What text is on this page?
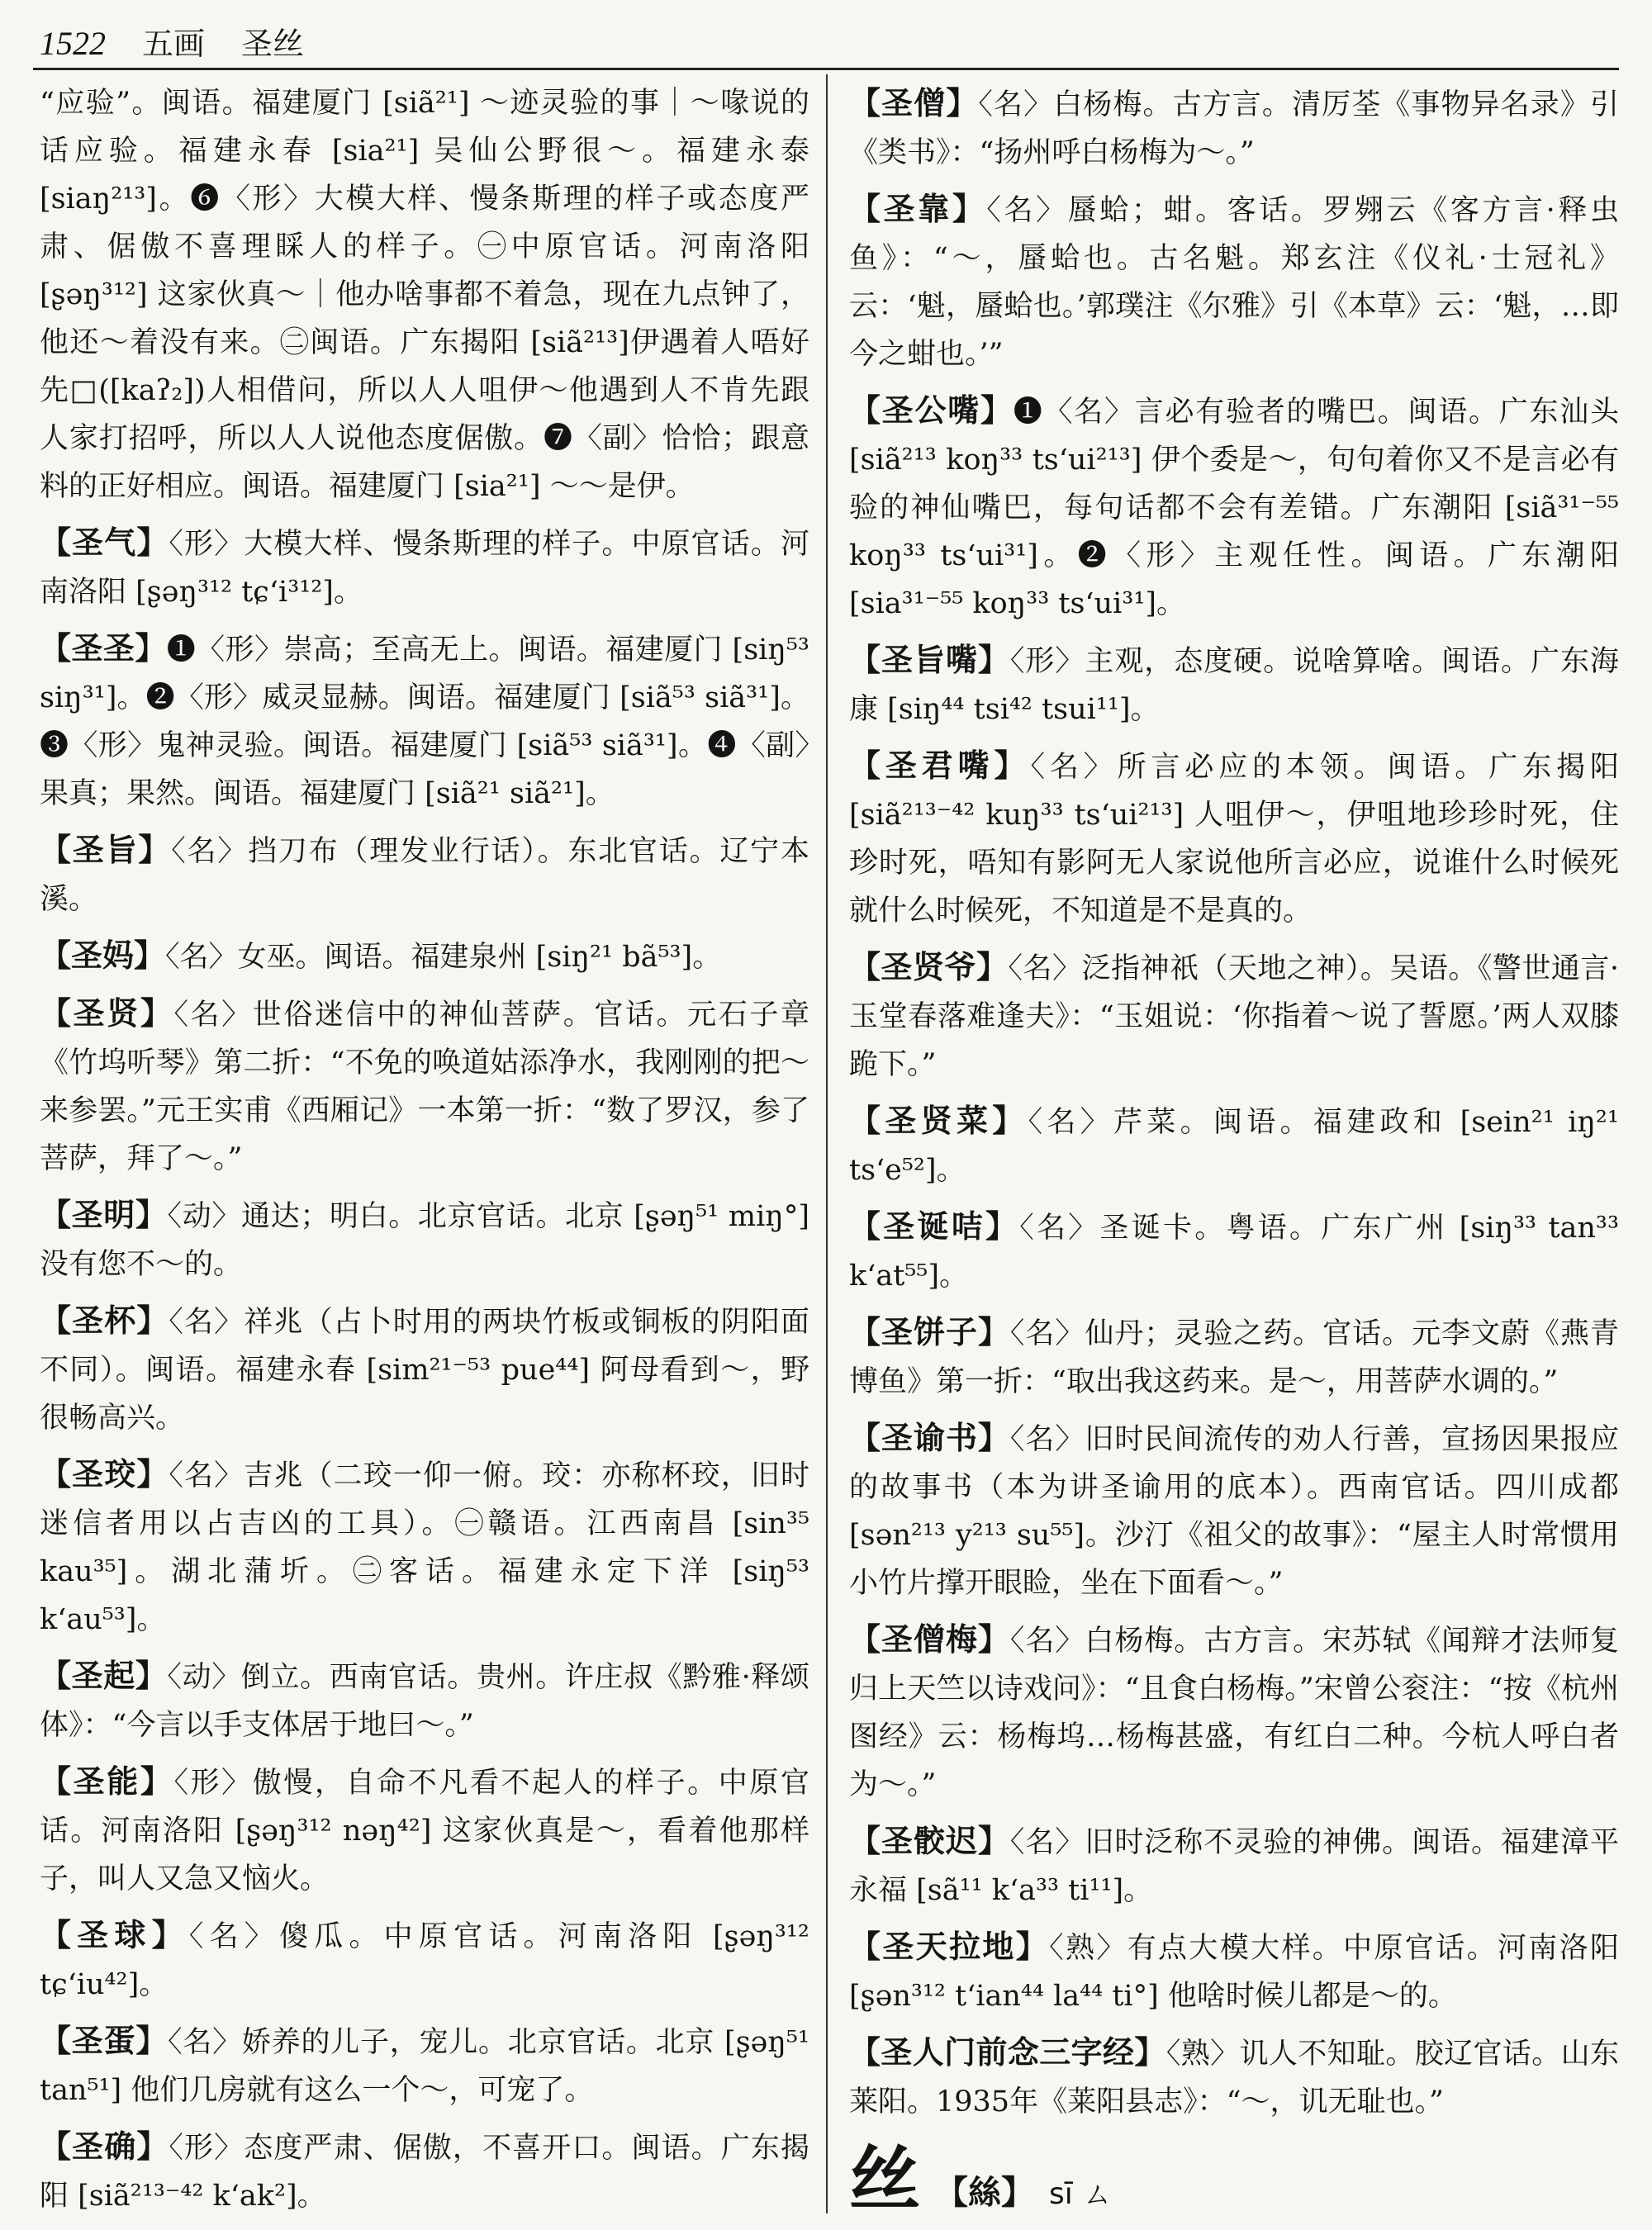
1522 五画 圣丝

“应验”。闽语。福建厦门 [siã²¹] ～迹灵验的事｜～喙说的话应验。福建永春 [sia²¹] 吴仙公野很～。福建永泰 [siaŋ²¹³]。❻〈形〉大模大样、慢条斯理的样子或态度严肃、倨傲不喜理睬人的样子。㊀中原官话。河南洛阳 [ʂəŋ³¹²] 这家伙真～｜他办啥事都不着急，现在九点钟了，他还～着没有来。㊁闽语。广东揭阳 [siã²¹³]伊遇着人唔好先□([kaʔ₂])人相借问，所以人人咀伊～他遇到人不肯先跟人家打招呼，所以人人说他态度倨傲。❼〈副〉恰恰；跟意料的正好相应。闽语。福建厦门 [sia²¹] ～～是伊。

【圣气】〈形〉大模大样、慢条斯理的样子。中原官话。河南洛阳 [ʂəŋ³¹² tɕʻi³¹²]。

【圣圣】❶〈形〉崇高；至高无上。闽语。福建厦门 [siŋ⁵³ siŋ³¹]。❷〈形〉威灵显赫。闽语。福建厦门 [siã⁵³ siã³¹]。❸〈形〉鬼神灵验。闽语。福建厦门 [siã⁵³ siã³¹]。❹〈副〉果真；果然。闽语。福建厦门 [siã²¹ siã²¹]。

【圣旨】〈名〉挡刀布（理发业行话）。东北官话。辽宁本溪。

【圣妈】〈名〉女巫。闽语。福建泉州 [siŋ²¹ bã⁵³]。

【圣贤】〈名〉世俗迷信中的神仙菩萨。官话。元石子章《竹坞听琴》第二折：“不免的唤道姑添净水，我刚刚的把～来参罢。”元王实甫《西厢记》一本第一折：“数了罗汉，参了菩萨，拜了～。”

【圣明】〈动〉通达；明白。北京官话。北京 [ʂəŋ⁵¹ miŋ°] 没有您不～的。

【圣杯】〈名〉祥兆（占卜时用的两块竹板或铜板的阴阳面不同）。闽语。福建永春 [sim²¹⁻⁵³ pue⁴⁴] 阿母看到～，野很畅高兴。

【圣珓】〈名〉吉兆（二珓一仰一俯。珓：亦称杯珓，旧时迷信者用以占吉凶的工具）。㊀赣语。江西南昌 [sin³⁵ kau³⁵]。湖北蒲圻。㊁客话。福建永定下洋 [siŋ⁵³ kʻau⁵³]。

【圣起】〈动〉倒立。西南官话。贵州。许庄叔《黔雅·释颂体》：“今言以手支体居于地曰～。”

【圣能】〈形〉傲慢，自命不凡看不起人的样子。中原官话。河南洛阳 [ʂəŋ³¹² nəŋ⁴²] 这家伙真是～，看着他那样子，叫人又急又恼火。

【圣球】〈名〉傻瓜。中原官话。河南洛阳 [ʂəŋ³¹² tɕʻiu⁴²]。

【圣蛋】〈名〉娇养的儿子，宠儿。北京官话。北京 [ʂəŋ⁵¹ tan⁵¹] 他们几房就有这么一个～，可宠了。

【圣确】〈形〉态度严肃、倨傲，不喜开口。闽语。广东揭阳 [siã²¹³⁻⁴² kʻak²]。

【圣僧】〈名〉白杨梅。古方言。清厉荃《事物异名录》引《类书》：“扬州呼白杨梅为～。”

【圣靠】〈名〉蜃蛤；蚶。客话。罗翙云《客方言·释虫鱼》：“～，蜃蛤也。古名魁。郑玄注《仪礼·士冠礼》云：‘魁，蜃蛤也。’郭璞注《尔雅》引《本草》云：‘魁，…即今之蚶也。’”

【圣公嘴】❶〈名〉言必有验者的嘴巴。闽语。广东汕头 [siã²¹³ koŋ³³ tsʻui²¹³] 伊个委是～，句句着你又不是言必有验的神仙嘴巴，每句话都不会有差错。广东潮阳 [siã³¹⁻⁵⁵ koŋ³³ tsʻui³¹]。❷〈形〉主观任性。闽语。广东潮阳 [sia³¹⁻⁵⁵ koŋ³³ tsʻui³¹]。

【圣旨嘴】〈形〉主观，态度硬。说啥算啥。闽语。广东海康 [siŋ⁴⁴ tsi⁴² tsui¹¹]。

【圣君嘴】〈名〉所言必应的本领。闽语。广东揭阳 [siã²¹³⁻⁴² kuŋ³³ tsʻui²¹³] 人咀伊～，伊咀地珍珍时死，住珍时死，唔知有影阿无人家说他所言必应，说谁什么时候死就什么时候死，不知道是不是真的。

【圣贤爷】〈名〉泛指神祇（天地之神）。吴语。《警世通言·玉堂春落难逢夫》：“玉姐说：‘你指着～说了誓愿。’两人双膝跪下。”

【圣贤菜】〈名〉芹菜。闽语。福建政和 [sein²¹ iŋ²¹ tsʻe⁵²]。

【圣诞咭】〈名〉圣诞卡。粤语。广东广州 [siŋ³³ tan³³ kʻat⁵⁵]。

【圣饼子】〈名〉仙丹；灵验之药。官话。元李文蔚《燕青博鱼》第一折：“取出我这药来。是～，用菩萨水调的。”

【圣谕书】〈名〉旧时民间流传的劝人行善，宣扬因果报应的故事书（本为讲圣谕用的底本）。西南官话。四川成都 [sən²¹³ y²¹³ su⁵⁵]。沙汀《祖父的故事》：“屋主人时常惯用小竹片撑开眼睑，坐在下面看～。”

【圣僧梅】〈名〉白杨梅。古方言。宋苏轼《闻辩才法师复归上天竺以诗戏问》：“且食白杨梅。”宋曾公衮注：“按《杭州图经》云：杨梅坞…杨梅甚盛，有红白二种。今杭人呼白者为～。”

【圣骹迟】〈名〉旧时泛称不灵验的神佛。闽语。福建漳平永福 [sã¹¹ kʻa³³ ti¹¹]。

【圣天拉地】〈熟〉有点大模大样。中原官话。河南洛阳 [ʂən³¹² tʻian⁴⁴ la⁴⁴ ti°] 他啥时候儿都是～的。

【圣人门前念三字经】〈熟〉讥人不知耻。胶辽官话。山东莱阳。1935年《莱阳县志》：“～，讥无耻也。”

丝 【絲】 sī ㄙ
